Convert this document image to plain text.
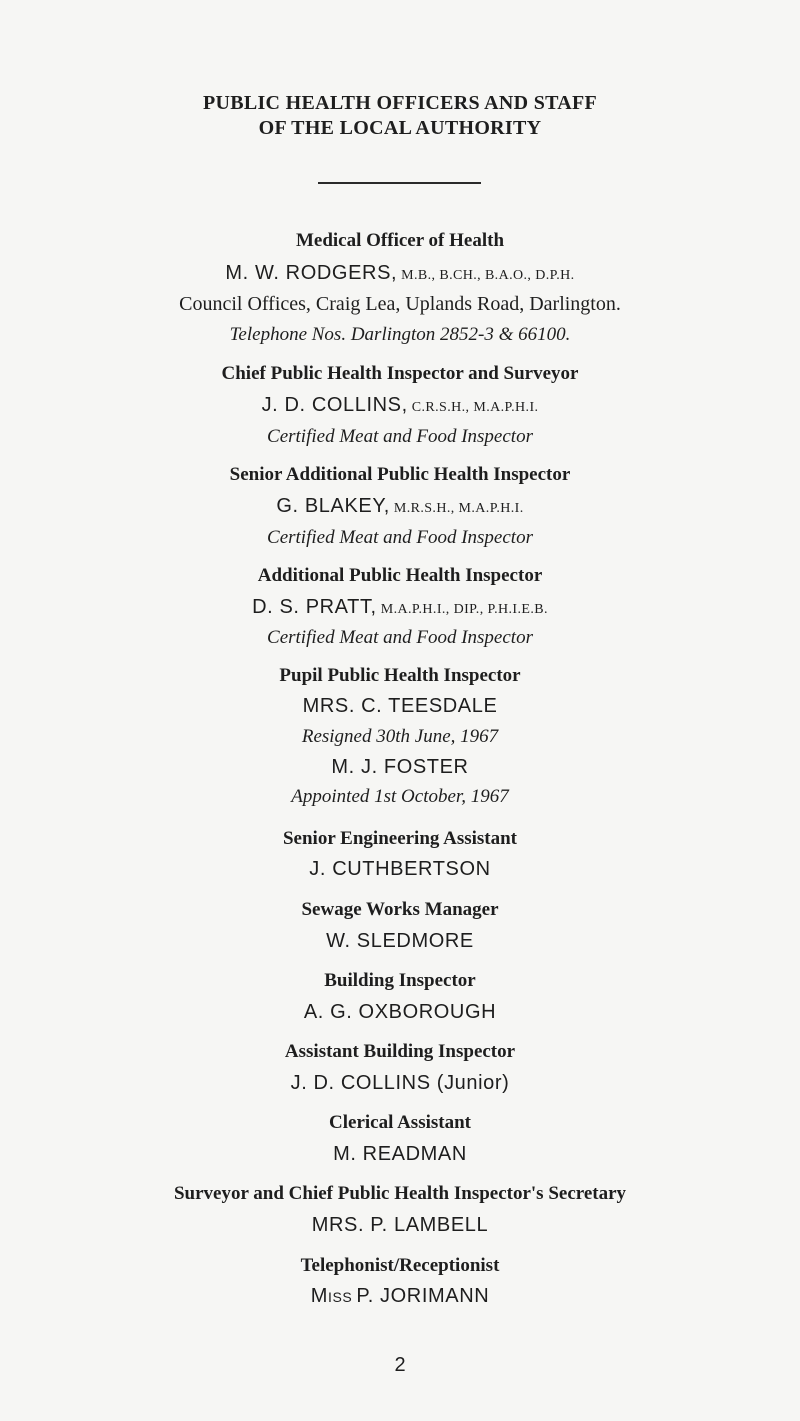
PUBLIC HEALTH OFFICERS AND STAFF
OF THE LOCAL AUTHORITY
Medical Officer of Health
M. W. RODGERS, M.B., B.CH., B.A.O., D.P.H.
Council Offices, Craig Lea, Uplands Road, Darlington.
Telephone Nos. Darlington 2852-3 & 66100.
Chief Public Health Inspector and Surveyor
J. D. COLLINS, C.R.S.H., M.A.P.H.I.
Certified Meat and Food Inspector
Senior Additional Public Health Inspector
G. BLAKEY, M.R.S.H., M.A.P.H.I.
Certified Meat and Food Inspector
Additional Public Health Inspector
D. S. PRATT, M.A.P.H.I., DIP., P.H.I.E.B.
Certified Meat and Food Inspector
Pupil Public Health Inspector
MRS. C. TEESDALE
Resigned 30th June, 1967
M. J. FOSTER
Appointed 1st October, 1967
Senior Engineering Assistant
J. CUTHBERTSON
Sewage Works Manager
W. SLEDMORE
Building Inspector
A. G. OXBOROUGH
Assistant Building Inspector
J. D. COLLINS (Junior)
Clerical Assistant
M. READMAN
Surveyor and Chief Public Health Inspector's Secretary
MRS. P. LAMBELL
Telephonist/Receptionist
Miss P. JORIMANN
2
